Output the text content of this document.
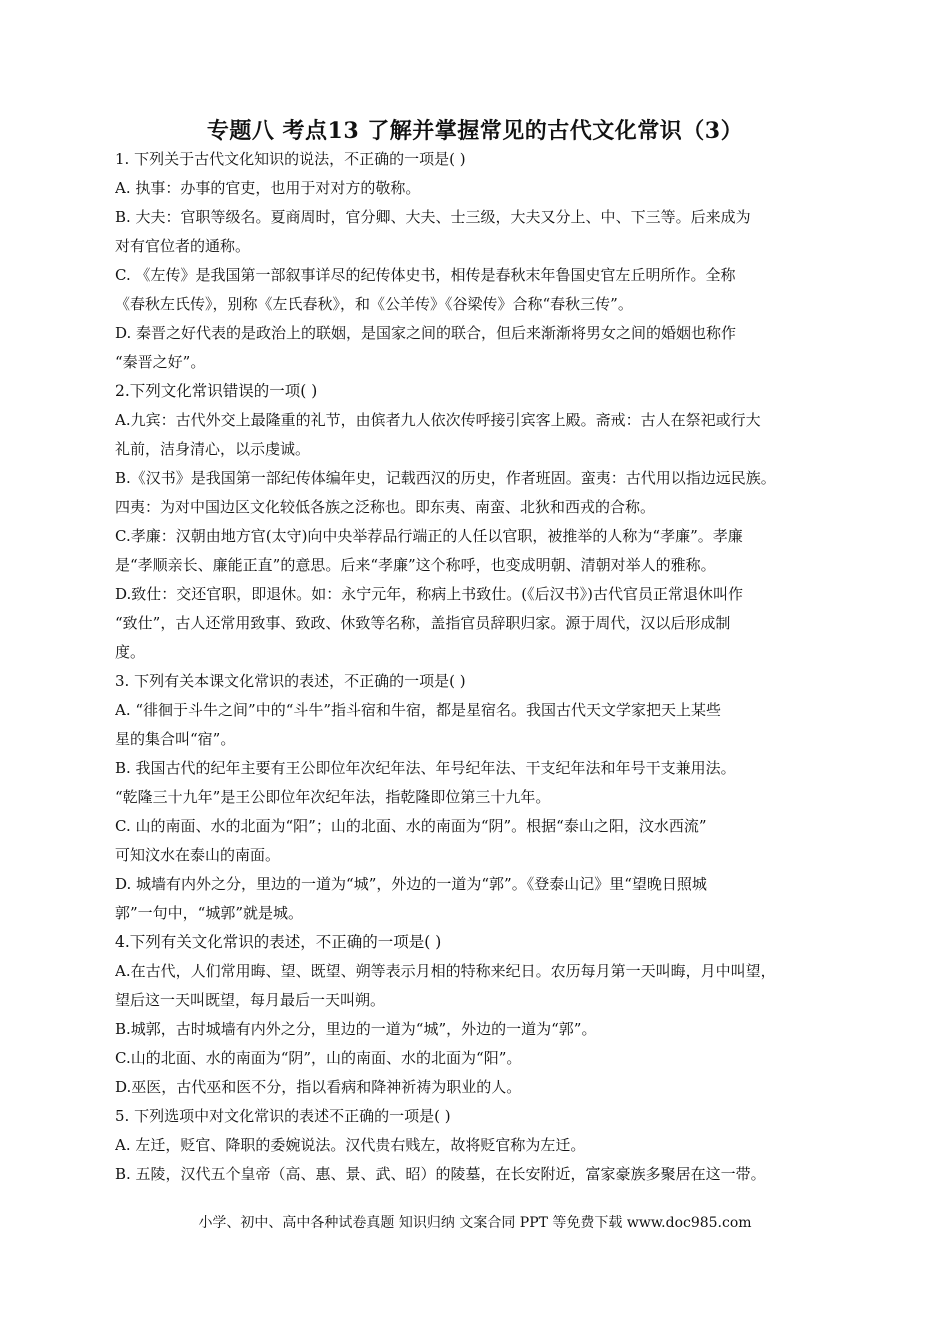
专题八 考点13 了解并掌握常见的古代文化常识（3）
1. 下列关于古代文化知识的说法，不正确的一项是( )
A. 执事：办事的官吏，也用于对对方的敬称。
B. 大夫：官职等级名。夏商周时，官分卿、大夫、士三级，大夫又分上、中、下三等。后来成为
对有官位者的通称。
C. 《左传》是我国第一部叙事详尽的纪传体史书，相传是春秋末年鲁国史官左丘明所作。全称
《春秋左氏传》，别称《左氏春秋》，和《公羊传》《谷梁传》合称“春秋三传”。
D. 秦晋之好代表的是政治上的联姻，是国家之间的联合，但后来渐渐将男女之间的婚姻也称作
“秦晋之好”。
2.下列文化常识错误的一项( )
A.九宾：古代外交上最隆重的礼节，由傧者九人依次传呼接引宾客上殿。斋戒：古人在祭祀或行大
礼前，洁身清心，以示虔诚。
B.《汉书》是我国第一部纪传体编年史，记载西汉的历史，作者班固。蛮夷：古代用以指边远民族。
四夷：为对中国边区文化较低各族之泛称也。即东夷、南蛮、北狄和西戎的合称。
C.孝廉：汉朝由地方官(太守)向中央举荐品行端正的人任以官职，被推举的人称为“孝廉”。孝廉
是“孝顺亲长、廉能正直”的意思。后来“孝廉”这个称呼，也变成明朝、清朝对举人的雅称。
D.致仕：交还官职，即退休。如：永宁元年，称病上书致仕。(《后汉书》)古代官员正常退休叫作
“致仕”，古人还常用致事、致政、休致等名称，盖指官员辞职归家。源于周代，汉以后形成制
度。
3. 下列有关本课文化常识的表述，不正确的一项是( )
A. “徘徊于斗牛之间”中的“斗牛”指斗宿和牛宿，都是星宿名。我国古代天文学家把天上某些
星的集合叫“宿”。
B. 我国古代的纪年主要有王公即位年次纪年法、年号纪年法、干支纪年法和年号干支兼用法。
“乾隆三十九年”是王公即位年次纪年法，指乾隆即位第三十九年。
C. 山的南面、水的北面为“阳”；山的北面、水的南面为“阴”。根据“泰山之阳，汶水西流”
可知汶水在泰山的南面。
D. 城墙有内外之分，里边的一道为“城”，外边的一道为“郭”。《登泰山记》里“望晚日照城
郭”一句中，“城郭”就是城。
4.下列有关文化常识的表述，不正确的一项是( )
A.在古代，人们常用晦、望、既望、朔等表示月相的特称来纪日。农历每月第一天叫晦，月中叫望，
望后这一天叫既望，每月最后一天叫朔。
B.城郭，古时城墙有内外之分，里边的一道为“城”，外边的一道为“郭”。
C.山的北面、水的南面为“阴”，山的南面、水的北面为“阳”。
D.巫医，古代巫和医不分，指以看病和降神祈祷为职业的人。
5. 下列选项中对文化常识的表述不正确的一项是( )
A. 左迁，贬官、降职的委婉说法。汉代贵右贱左，故将贬官称为左迁。
B. 五陵，汉代五个皇帝（高、惠、景、武、昭）的陵墓，在长安附近，富家豪族多聚居在这一带。
小学、初中、高中各种试卷真题 知识归纳 文案合同 PPT 等免费下载 www.doc985.com
